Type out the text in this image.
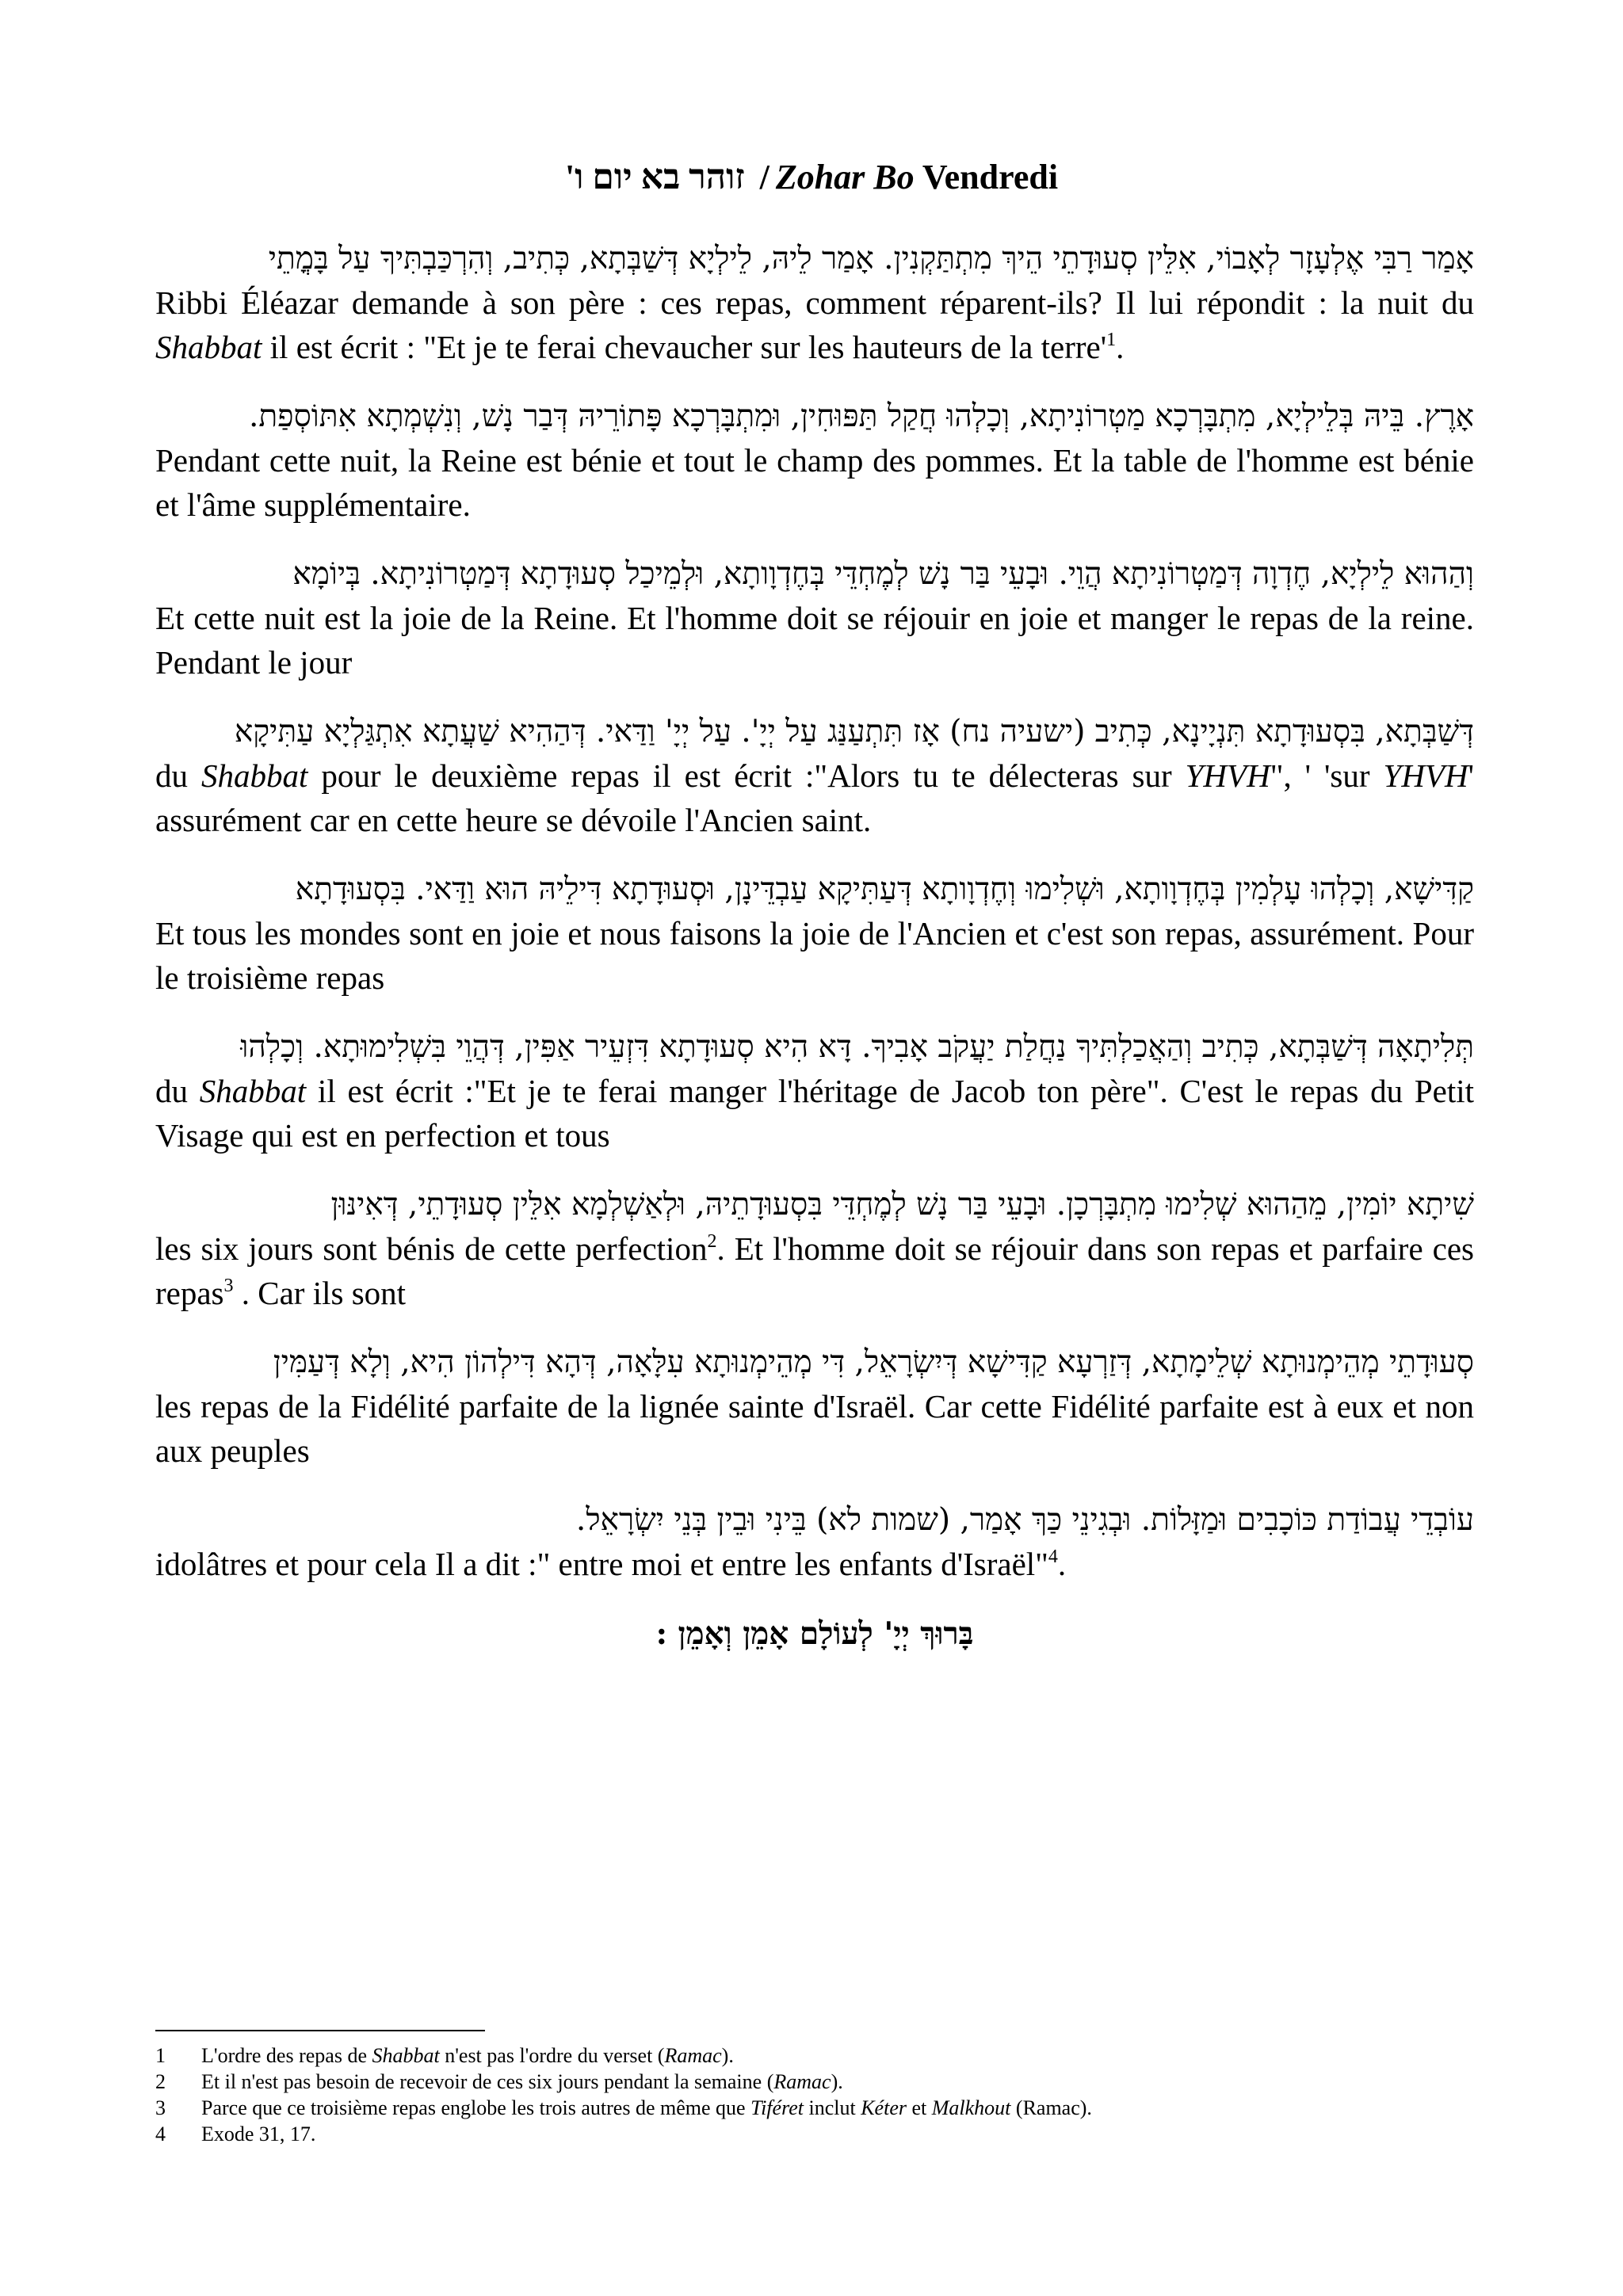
זוהר בא יום ו' / Zohar Bo Vendredi
אָמַר רַבִּי אֶלְעָזָר לְאָבוֹי, אִלֵּין סְעוּדָתֵי הֵיךְ מִתְתַּקְנִין. אָמַר לֵיהּ, לֵילְיָא דְּשַׁבְּתָא, כְּתִיב, וְהִרְכַּבְתִּיךָ עַל בָּמֳתֵי
Ribbi Éléazar demande à son père : ces repas, comment réparent-ils? Il lui répondit : la nuit du Shabbat il est écrit : "Et je te ferai chevaucher sur les hauteurs de la $terre'^1$.
אָרֶץ. בֵּיהּ בְּלֵילְיָא, מִתְבָּרְכָא מַטְרוֹנִיתָא, וְכָלְהוּ חֲקַל תַּפּוּחִין, וּמִתְבָּרְכָא פָּתוֹרֵיהּ דְּבַר נָשׁ, וְנִשְׁמְתָא אִתּוֹסְפַת.
Pendant cette nuit, la Reine est bénie et tout le champ des pommes. Et la table de l'homme est bénie et l'âme supplémentaire.
וְהַהוּא לֵילְיָא, חֶדְוָה דְּמַטְרוֹנִיתָא הֲוֵי. וּבָעֵי בַּר נָשׁ לְמֶחְדֵּי בְּחֶדְוָותָא, וּלְמֵיכַל סְעוּדָתָא דְּמַטְרוֹנִיתָא. בְּיוֹמָא
Et cette nuit est la joie de la Reine. Et l'homme doit se réjouir en joie et manger le repas de la reine. Pendant le jour
דְּשַׁבְּתָא, בִּסְעוּדָתָא תִּנְיָינָא, כְּתִיב (ישעיה נח) אָז תִּתְעַנַּג עַל יְיָ'. עַל יְיָ' וַדַּאי. דְּהַהִיא שַׁעֲתָא אִתְגַּלְיָא עַתִּיקָא
du Shabbat pour le deuxième repas il est écrit :"Alors tu te délecteras sur YHVH", ' 'sur YHVH' assurément car en cette heure se dévoile l'Ancien saint.
קַדִּישָׁא, וְכָלְהוּ עָלְמִין בְּחֶדְוָותָא, וּשְׁלִימוּ וְחֶדְוָותָא דְּעַתִּיקָא עַבְדֵּינָן, וּסְעוּדָתָא דִּילֵיהּ הוּא וַדַּאי. בִּסְעוּדָתָא
Et tous les mondes sont en joie et nous faisons la joie de l'Ancien et c'est son repas, assurément. Pour le troisième repas
תְּלִיתָאָה דְּשַׁבְּתָא, כְּתִיב וְהַאֲכַלְתִּיךָ נַחֲלַת יַעֲקֹב אָבִיךָ. דָּא הִיא סְעוּדָתָא דִּזְעֵיר אַפִּין, דְּהֲוֵי בִּשְׁלִימוּתָא. וְכָלְהוּ
du Shabbat il est écrit :"Et je te ferai manger l'héritage de Jacob ton père". C'est le repas du Petit Visage qui est en perfection et tous
שִׁיתָא יוֹמִין, מֵהַהוּא שְׁלִימוּ מִתְבָּרְכָן. וּבָעֵי בַּר נָשׁ לְמֶחְדֵּי בִּסְעוּדָתֵיהּ, וּלְאַשְׁלְמָא אִלֵּין סְעוּדָתֵי, דְּאִינּוּן
les six jours sont bénis de cette perfection$^2$. Et l'homme doit se réjouir dans son repas et parfaire ces repas$^3$ . Car ils sont
סְעוּדָתֵי מְהֵימְנוּתָא שְׁלֵימָתָא, דְּזַרְעָא קַדִּישָׁא דְּיִשְׂרָאֵל, דִּי מְהֵימְנוּתָא עִלָּאָה, דְּהָא דִּילְהוֹן הִיא, וְלָא דְּעַמִּין
les repas de la Fidélité parfaite de la lignée sainte d'Israël. Car cette Fidélité parfaite est à eux et non aux peuples
עוֹבְדֵי עֲבוֹדַת כּוֹכָבִים וּמַזָּלוֹת. וּבְגִינֵי כַּךְ אָמַר, (שמות לא) בֵּינִי וּבֵין בְּנֵי יִשְׂרָאֵל.
idolâtres et pour cela Il a dit :" entre moi et entre les enfants d'Israël"$^4$.
בָּרוּךְ יְיָ' לְעוֹלָם אָמֵן וְאָמֵן :
1	L'ordre des repas de Shabbat n'est pas l'ordre du verset (Ramac).
2	Et il n'est pas besoin de recevoir de ces six jours pendant la semaine (Ramac).
3	Parce que ce troisième repas englobe les trois autres de même que Tiféret inclut Kéter et Malkhout (Ramac).
4	Exode 31, 17.
